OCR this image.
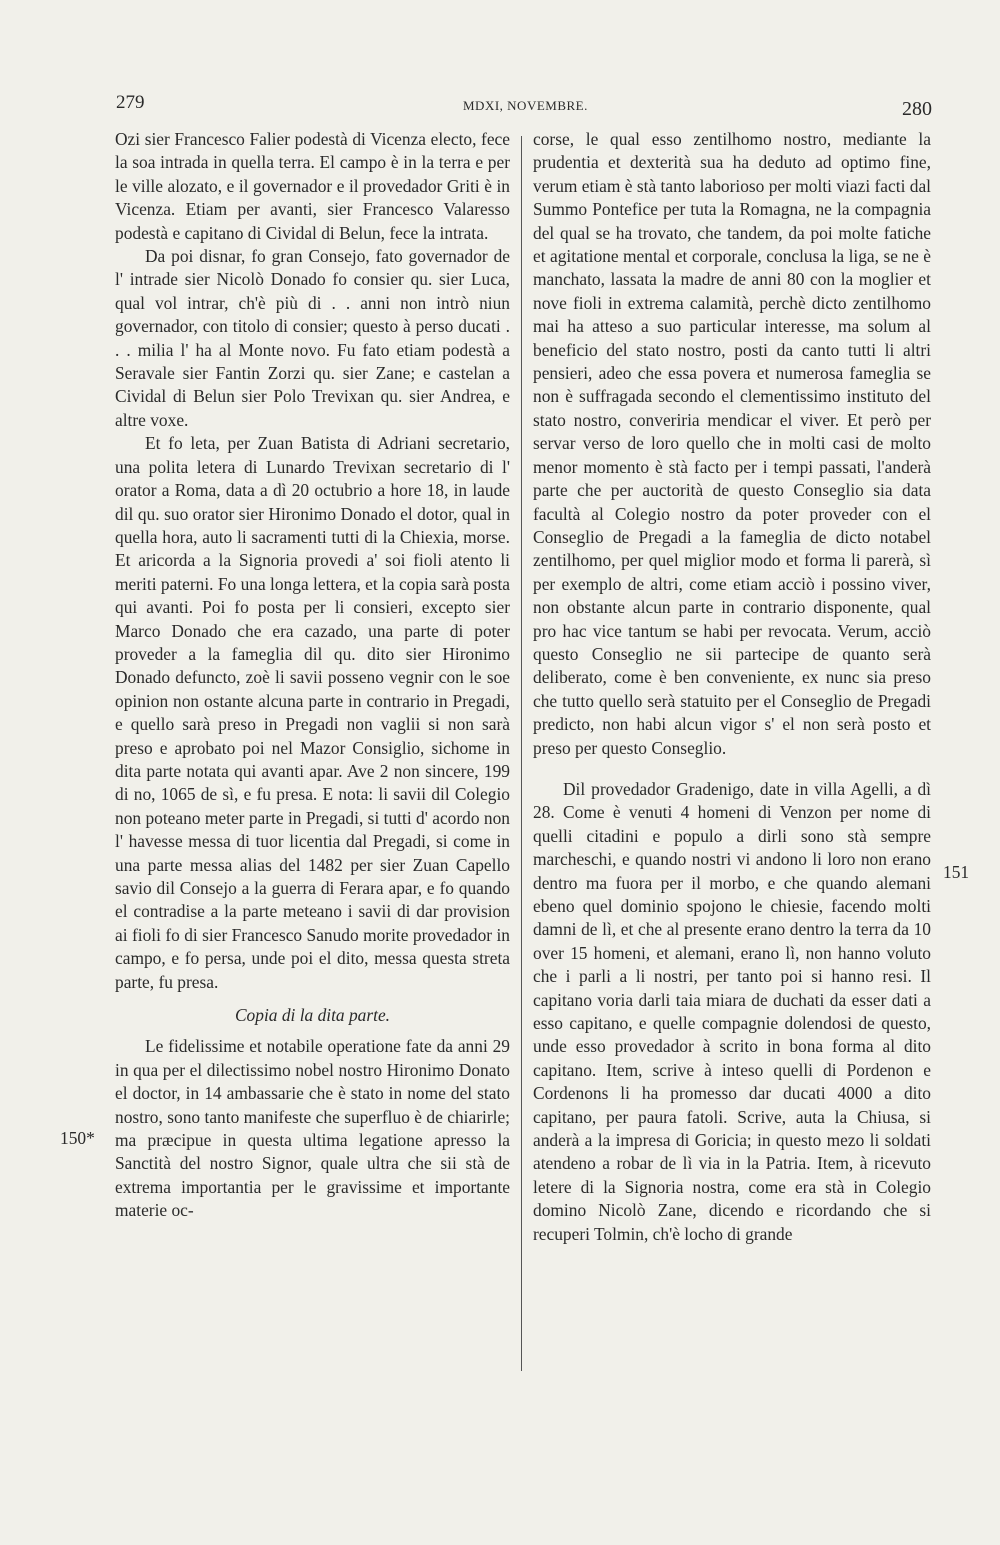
279	MDXI, NOVEMBRE.	280
150*
151

Ozi sier Francesco Falier podestà di Vicenza electo, fece la soa intrada in quella terra. El campo è in la terra e per le ville alozato, e il governador e il provedador Griti è in Vicenza. Etiam per avanti, sier Francesco Valaresso podestà e capitano di Cividal di Belun, fece la intrata.

Da poi disnar, fo gran Consejo, fato governador de l' intrade sier Nicolò Donado fo consier qu. sier Luca, qual vol intrar, ch'è più di . . anni non intrò niun governador, con titolo di consier; questo à perso ducati . . . milia l' ha al Monte novo. Fu fato etiam podestà a Seravale sier Fantin Zorzi qu. sier Zane; e castelan a Cividal di Belun sier Polo Trevixan qu. sier Andrea, e altre voxe.

Et fo leta, per Zuan Batista di Adriani secretario, una polita letera di Lunardo Trevixan secretario di l' orator a Roma, data a dì 20 octubrio a hore 18, in laude dil qu. suo orator sier Hironimo Donado el dotor, qual in quella hora, auto li sacramenti tutti di la Chiexia, morse. Et aricorda a la Signoria provedi a' soi fioli atento li meriti paterni. Fo una longa lettera, et la copia sarà posta qui avanti. Poi fo posta per li consieri, excepto sier Marco Donado che era cazado, una parte di poter proveder a la fameglia dil qu. dito sier Hironimo Donado defuncto, zoè li savii posseno vegnir con le soe opinion non ostante alcuna parte in contrario in Pregadi, e quello sarà preso in Pregadi non vaglii si non sarà preso e aprobato poi nel Mazor Consiglio, sichome in dita parte notata qui avanti apar. Ave 2 non sincere, 199 di no, 1065 de sì, e fu presa. E nota: li savii dil Colegio non poteano meter parte in Pregadi, si tutti d' acordo non l' havesse messa di tuor licentia dal Pregadi, si come in una parte messa alias del 1482 per sier Zuan Capello savio dil Consejo a la guerra di Ferara apar, e fo quando el contradise a la parte meteano i savii di dar provision ai fioli fo di sier Francesco Sanudo morite provedador in campo, e fo persa, unde poi el dito, messa questa streta parte, fu presa.

Copia di la dita parte.

Le fidelissime et notabile operatione fate da anni 29 in qua per el dilectissimo nobel nostro Hironimo Donato el doctor, in 14 ambassarie che è stato in nome del stato nostro, sono tanto manifeste che superfluo è de chiarirle; ma præcipue in questa ultima legatione apresso la Sanctità del nostro Signor, quale ultra che sii stà de extrema importantia per le gravissime et importante materie oc-

corse, le qual esso zentilhomo nostro, mediante la prudentia et dexterità sua ha deduto ad optimo fine, verum etiam è stà tanto laborioso per molti viazi facti dal Summo Pontefice per tuta la Romagna, ne la compagnia del qual se ha trovato, che tandem, da poi molte fatiche et agitatione mental et corporale, conclusa la liga, se ne è manchato, lassata la madre de anni 80 con la moglier et nove fioli in extrema calamità, perchè dicto zentilhomo mai ha atteso a suo particular interesse, ma solum al beneficio del stato nostro, posti da canto tutti li altri pensieri, adeo che essa povera et numerosa fameglia se non è suffragada secondo el clementissimo instituto del stato nostro, converiria mendicar el viver. Et però per servar verso de loro quello che in molti casi de molto menor momento è stà facto per i tempi passati, l'anderà parte che per auctorità de questo Conseglio sia data facultà al Colegio nostro da poter proveder con el Conseglio de Pregadi a la fameglia de dicto notabel zentilhomo, per quel miglior modo et forma li parerà, sì per exemplo de altri, come etiam acciò i possino viver, non obstante alcun parte in contrario disponente, qual pro hac vice tantum se habi per revocata. Verum, acciò questo Conseglio ne sii partecipe de quanto serà deliberato, come è ben conveniente, ex nunc sia preso che tutto quello serà statuito per el Conseglio de Pregadi predicto, non habi alcun vigor s' el non serà posto et preso per questo Conseglio.

Dil provedador Gradenigo, date in villa Agelli, a dì 28. Come è venuti 4 homeni di Venzon per nome di quelli citadini e populo a dirli sono stà sempre marcheschi, e quando nostri vi andono li loro non erano dentro ma fuora per il morbo, e che quando alemani ebeno quel dominio spojono le chiesie, facendo molti damni de lì, et che al presente erano dentro la terra da 10 over 15 homeni, et alemani, erano lì, non hanno voluto che i parli a li nostri, per tanto poi si hanno resi. Il capitano voria darli taia miara de duchati da esser dati a esso capitano, e quelle compagnie dolendosi de questo, unde esso provedador à scrito in bona forma al dito capitano. Item, scrive à inteso quelli di Pordenon e Cordenons li ha promesso dar ducati 4000 a dito capitano, per paura fatoli. Scrive, auta la Chiusa, si anderà a la impresa di Goricia; in questo mezo li soldati atendeno a robar de lì via in la Patria. Item, à ricevuto letere di la Signoria nostra, come era stà in Colegio domino Nicolò Zane, dicendo e ricordando che si recuperi Tolmin, ch'è locho di grande
